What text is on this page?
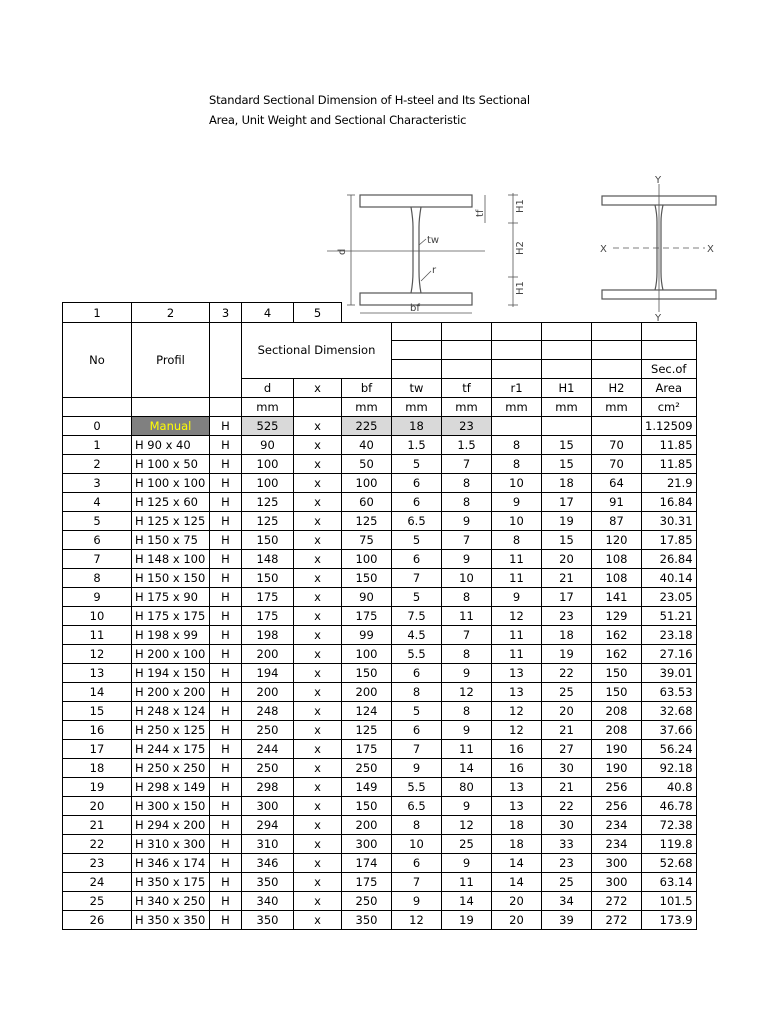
Standard Sectional Dimension of H-steel and Its Sectional
Area, Unit Weight and Sectional Characteristic
d
tw
r
bf
tf
H1
H2
H1
Y
X	X
Y
1	2	3	4	5							
No	Profil		Sectional Dimension								

											Sec.of
			d	x	bf	tw	tf	r1	H1	H2	Area
			mm		mm	mm	mm	mm	mm	mm	cm²
0	Manual	H	525	x	225	18	23				1.12509
1	H 90 x 40	H	90	x	40	1.5	1.5	8	15	70	11.85
2	H 100 x 50	H	100	x	50	5	7	8	15	70	11.85
3	H 100 x 100	H	100	x	100	6	8	10	18	64	21.9
4	H 125 x 60	H	125	x	60	6	8	9	17	91	16.84
5	H 125 x 125	H	125	x	125	6.5	9	10	19	87	30.31
6	H 150 x 75	H	150	x	75	5	7	8	15	120	17.85
7	H 148 x 100	H	148	x	100	6	9	11	20	108	26.84
8	H 150 x 150	H	150	x	150	7	10	11	21	108	40.14
9	H 175 x 90	H	175	x	90	5	8	9	17	141	23.05
10	H 175 x 175	H	175	x	175	7.5	11	12	23	129	51.21
11	H 198 x 99	H	198	x	99	4.5	7	11	18	162	23.18
12	H 200 x 100	H	200	x	100	5.5	8	11	19	162	27.16
13	H 194 x 150	H	194	x	150	6	9	13	22	150	39.01
14	H 200 x 200	H	200	x	200	8	12	13	25	150	63.53
15	H 248 x 124	H	248	x	124	5	8	12	20	208	32.68
16	H 250 x 125	H	250	x	125	6	9	12	21	208	37.66
17	H 244 x 175	H	244	x	175	7	11	16	27	190	56.24
18	H 250 x 250	H	250	x	250	9	14	16	30	190	92.18
19	H 298 x 149	H	298	x	149	5.5	80	13	21	256	40.8
20	H 300 x 150	H	300	x	150	6.5	9	13	22	256	46.78
21	H 294 x 200	H	294	x	200	8	12	18	30	234	72.38
22	H 310 x 300	H	310	x	300	10	25	18	33	234	119.8
23	H 346 x 174	H	346	x	174	6	9	14	23	300	52.68
24	H 350 x 175	H	350	x	175	7	11	14	25	300	63.14
25	H 340 x 250	H	340	x	250	9	14	20	34	272	101.5
26	H 350 x 350	H	350	x	350	12	19	20	39	272	173.9
